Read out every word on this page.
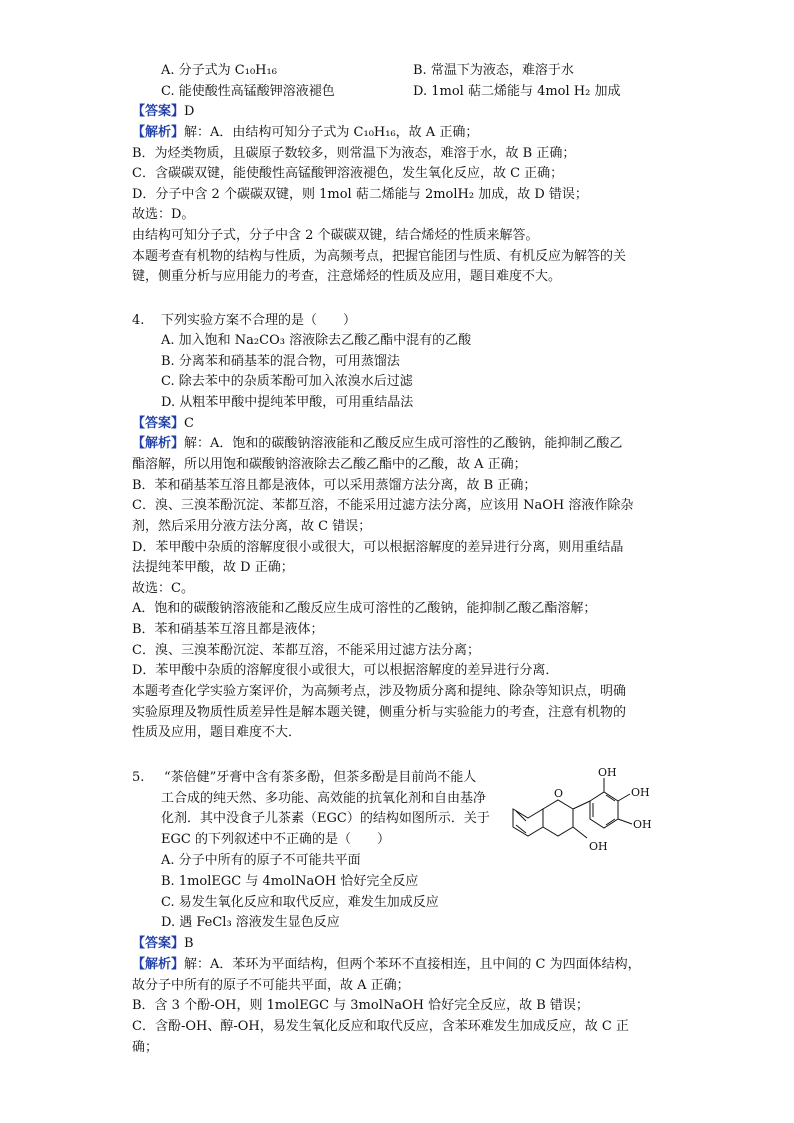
A. 分子式为 C₁₀H₁₆	B. 常温下为液态，难溶于水
C. 能使酸性高锰酸钾溶液褪色	D. 1mol 萜二烯能与 4mol H₂ 加成
【答案】D
【解析】解：A．由结构可知分子式为 C₁₀H₁₆，故 A 正确；
B．为烃类物质，且碳原子数较多，则常温下为液态，难溶于水，故 B 正确；
C．含碳碳双键，能使酸性高锰酸钾溶液褪色，发生氧化反应，故 C 正确；
D．分子中含 2 个碳碳双键，则 1mol 萜二烯能与 2molH₂ 加成，故 D 错误；
故选：D。
由结构可知分子式，分子中含 2 个碳碳双键，结合烯烃的性质来解答。
本题考查有机物的结构与性质，为高频考点，把握官能团与性质、有机反应为解答的关
键，侧重分析与应用能力的考查，注意烯烃的性质及应用，题目难度不大。
4. 下列实验方案不合理的是（　　）
A. 加入饱和 Na₂CO₃ 溶液除去乙酸乙酯中混有的乙酸
B. 分离苯和硝基苯的混合物，可用蒸馏法
C. 除去苯中的杂质苯酚可加入浓溴水后过滤
D. 从粗苯甲酸中提纯苯甲酸，可用重结晶法
【答案】C
【解析】解：A．饱和的碳酸钠溶液能和乙酸反应生成可溶性的乙酸钠，能抑制乙酸乙
酯溶解，所以用饱和碳酸钠溶液除去乙酸乙酯中的乙酸，故 A 正确；
B．苯和硝基苯互溶且都是液体，可以采用蒸馏方法分离，故 B 正确；
C．溴、三溴苯酚沉淀、苯都互溶，不能采用过滤方法分离，应该用 NaOH 溶液作除杂
剂，然后采用分液方法分离，故 C 错误；
D．苯甲酸中杂质的溶解度很小或很大，可以根据溶解度的差异进行分离，则用重结晶
法提纯苯甲酸，故 D 正确；
故选：C。
A．饱和的碳酸钠溶液能和乙酸反应生成可溶性的乙酸钠，能抑制乙酸乙酯溶解；
B．苯和硝基苯互溶且都是液体；
C．溴、三溴苯酚沉淀、苯都互溶，不能采用过滤方法分离；
D．苯甲酸中杂质的溶解度很小或很大，可以根据溶解度的差异进行分离．
本题考查化学实验方案评价，为高频考点，涉及物质分离和提纯、除杂等知识点，明确
实验原理及物质性质差异性是解本题关键，侧重分析与实验能力的考查，注意有机物的
性质及应用，题目难度不大．
5. “茶倍健”牙膏中含有茶多酚，但茶多酚是目前尚不能人
工合成的纯天然、多功能、高效能的抗氧化剂和自由基净
化剂．其中没食子儿茶素（EGC）的结构如图所示．关于
EGC 的下列叙述中不正确的是（　　）
A. 分子中所有的原子不可能共平面
B. 1molEGC 与 4molNaOH 恰好完全反应
C. 易发生氧化反应和取代反应，难发生加成反应
D. 遇 FeCl₃ 溶液发生显色反应
O
OH
OH
OH
OH
【答案】B
【解析】解：A．苯环为平面结构，但两个苯环不直接相连，且中间的 C 为四面体结构，
故分子中所有的原子不可能共平面，故 A 正确；
B．含 3 个酚-OH，则 1molEGC 与 3molNaOH 恰好完全反应，故 B 错误；
C．含酚-OH、醇-OH，易发生氧化反应和取代反应，含苯环难发生加成反应，故 C 正
确；
